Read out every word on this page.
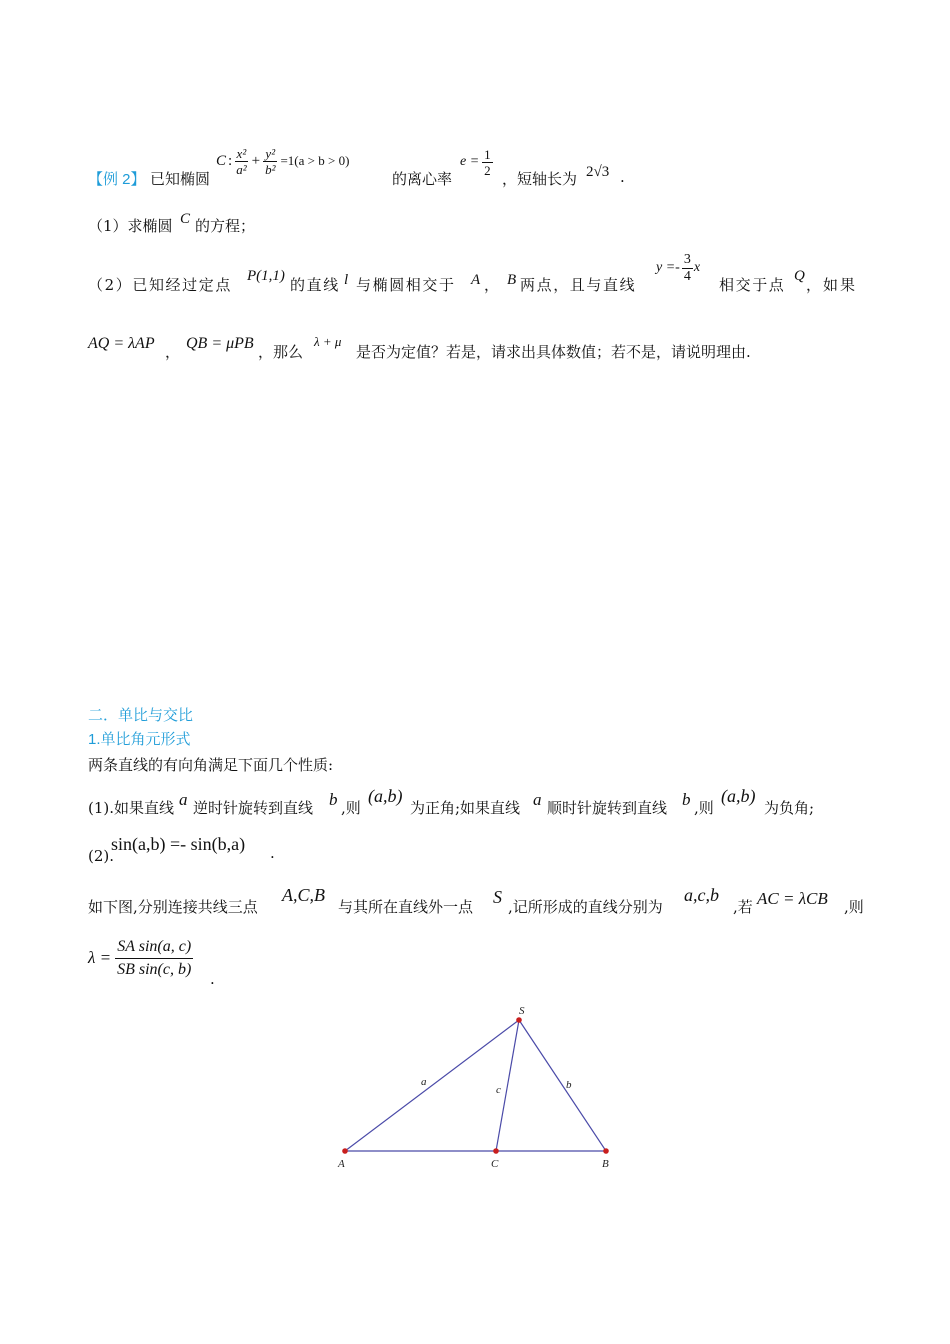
【例 2】 已知椭圆
C : $\frac{\text{x²}}{\text{a²}} + \frac{\text{y²}}{\text{b²}} =1(a > b > 0)$
的离心率
$e = \frac{1}{2}$
，短轴长为 2√3 .
（1）求椭圆 C 的方程；
（2）已知经过定点 P(1,1) 的直线 l 与椭圆相交于 A ， B 两点，且与直线
$y =- \frac{3}{4}$ x
相交于点 Q ，如果
AQ = λAP ， QB = μPB ，那么
λ + μ
是否为定值？若是，请求出具体数值；若不是，请说明理由.
二．单比与交比
1.单比角元形式
两条直线的有向角满足下面几个性质:
(1).如果直线 a 逆时针旋转到直线 b ,则
(a,b)
为正角;如果直线 a 顺时针旋转到直线 b ,则
(a,b)
为负角;
(2).
sin(a,b) =- sin(b,a) .
如下图,分别连接共线三点
A,C,B
与其所在直线外一点 S ,记所形成的直线分别为
a,c,b
,若 AC = λCB ,则
$\lambda = \frac{\text{SA sin(a, c)}}{\text{SB sin(c, b)}}$
.
S
A	C	B
a
c	b
